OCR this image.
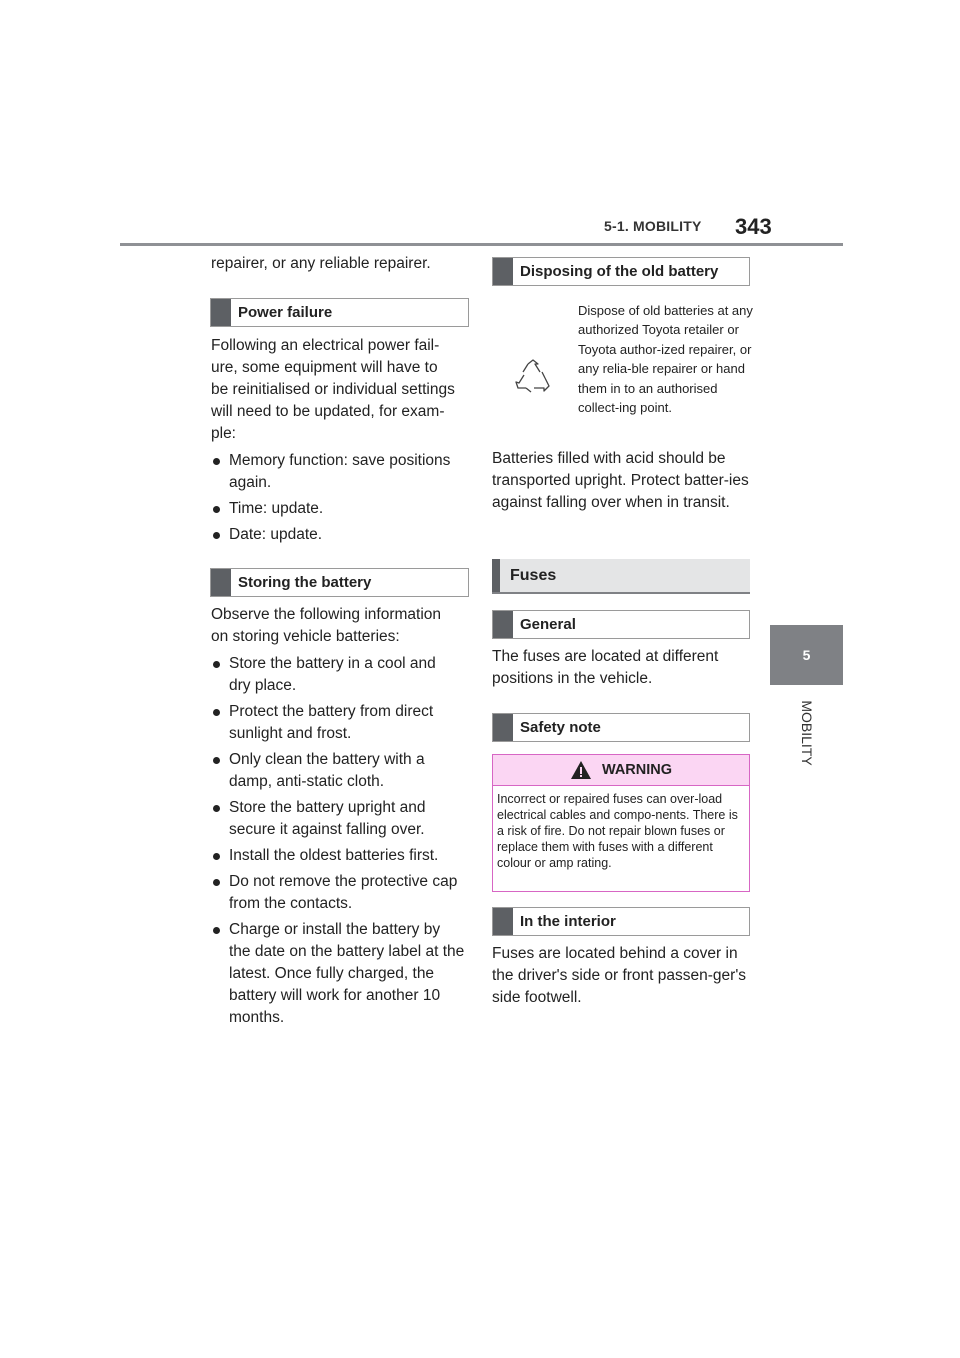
5-1. MOBILITY 343
5
MOBILITY
repairer, or any reliable repairer.
Power failure

Following an electrical power fail-

ure, some equipment will have to

be reinitialised or individual settings

will need to be updated, for exam-

ple:

Memory function: save positions again.
Time: update.
Date: update.
Storing the battery

Observe the following information

on storing vehicle batteries:

Store the battery in a cool and dry place.
Protect the battery from direct sunlight and frost.
Only clean the battery with a damp, anti-static cloth.
Store the battery upright and secure it against falling over.
Install the oldest batteries first.
Do not remove the protective cap from the contacts.
Charge or install the battery by the date on the battery label at the latest. Once fully charged, the battery will work for another 10 months.
Disposing of the old battery
Dispose of old batteries at any authorized Toyota retailer or Toyota author-ized repairer, or any relia-ble repairer or hand them in to an authorised collect-ing point.
Batteries filled with acid should be transported upright. Protect batter-ies against falling over when in transit.
Fuses
General
The fuses are located at different positions in the vehicle.
Safety note
WARNING
Incorrect or repaired fuses can over-load electrical cables and compo-nents. There is a risk of fire. Do not repair blown fuses or replace them with fuses with a different colour or amp rating.
In the interior
Fuses are located behind a cover in the driver's side or front passen-ger's side footwell.
